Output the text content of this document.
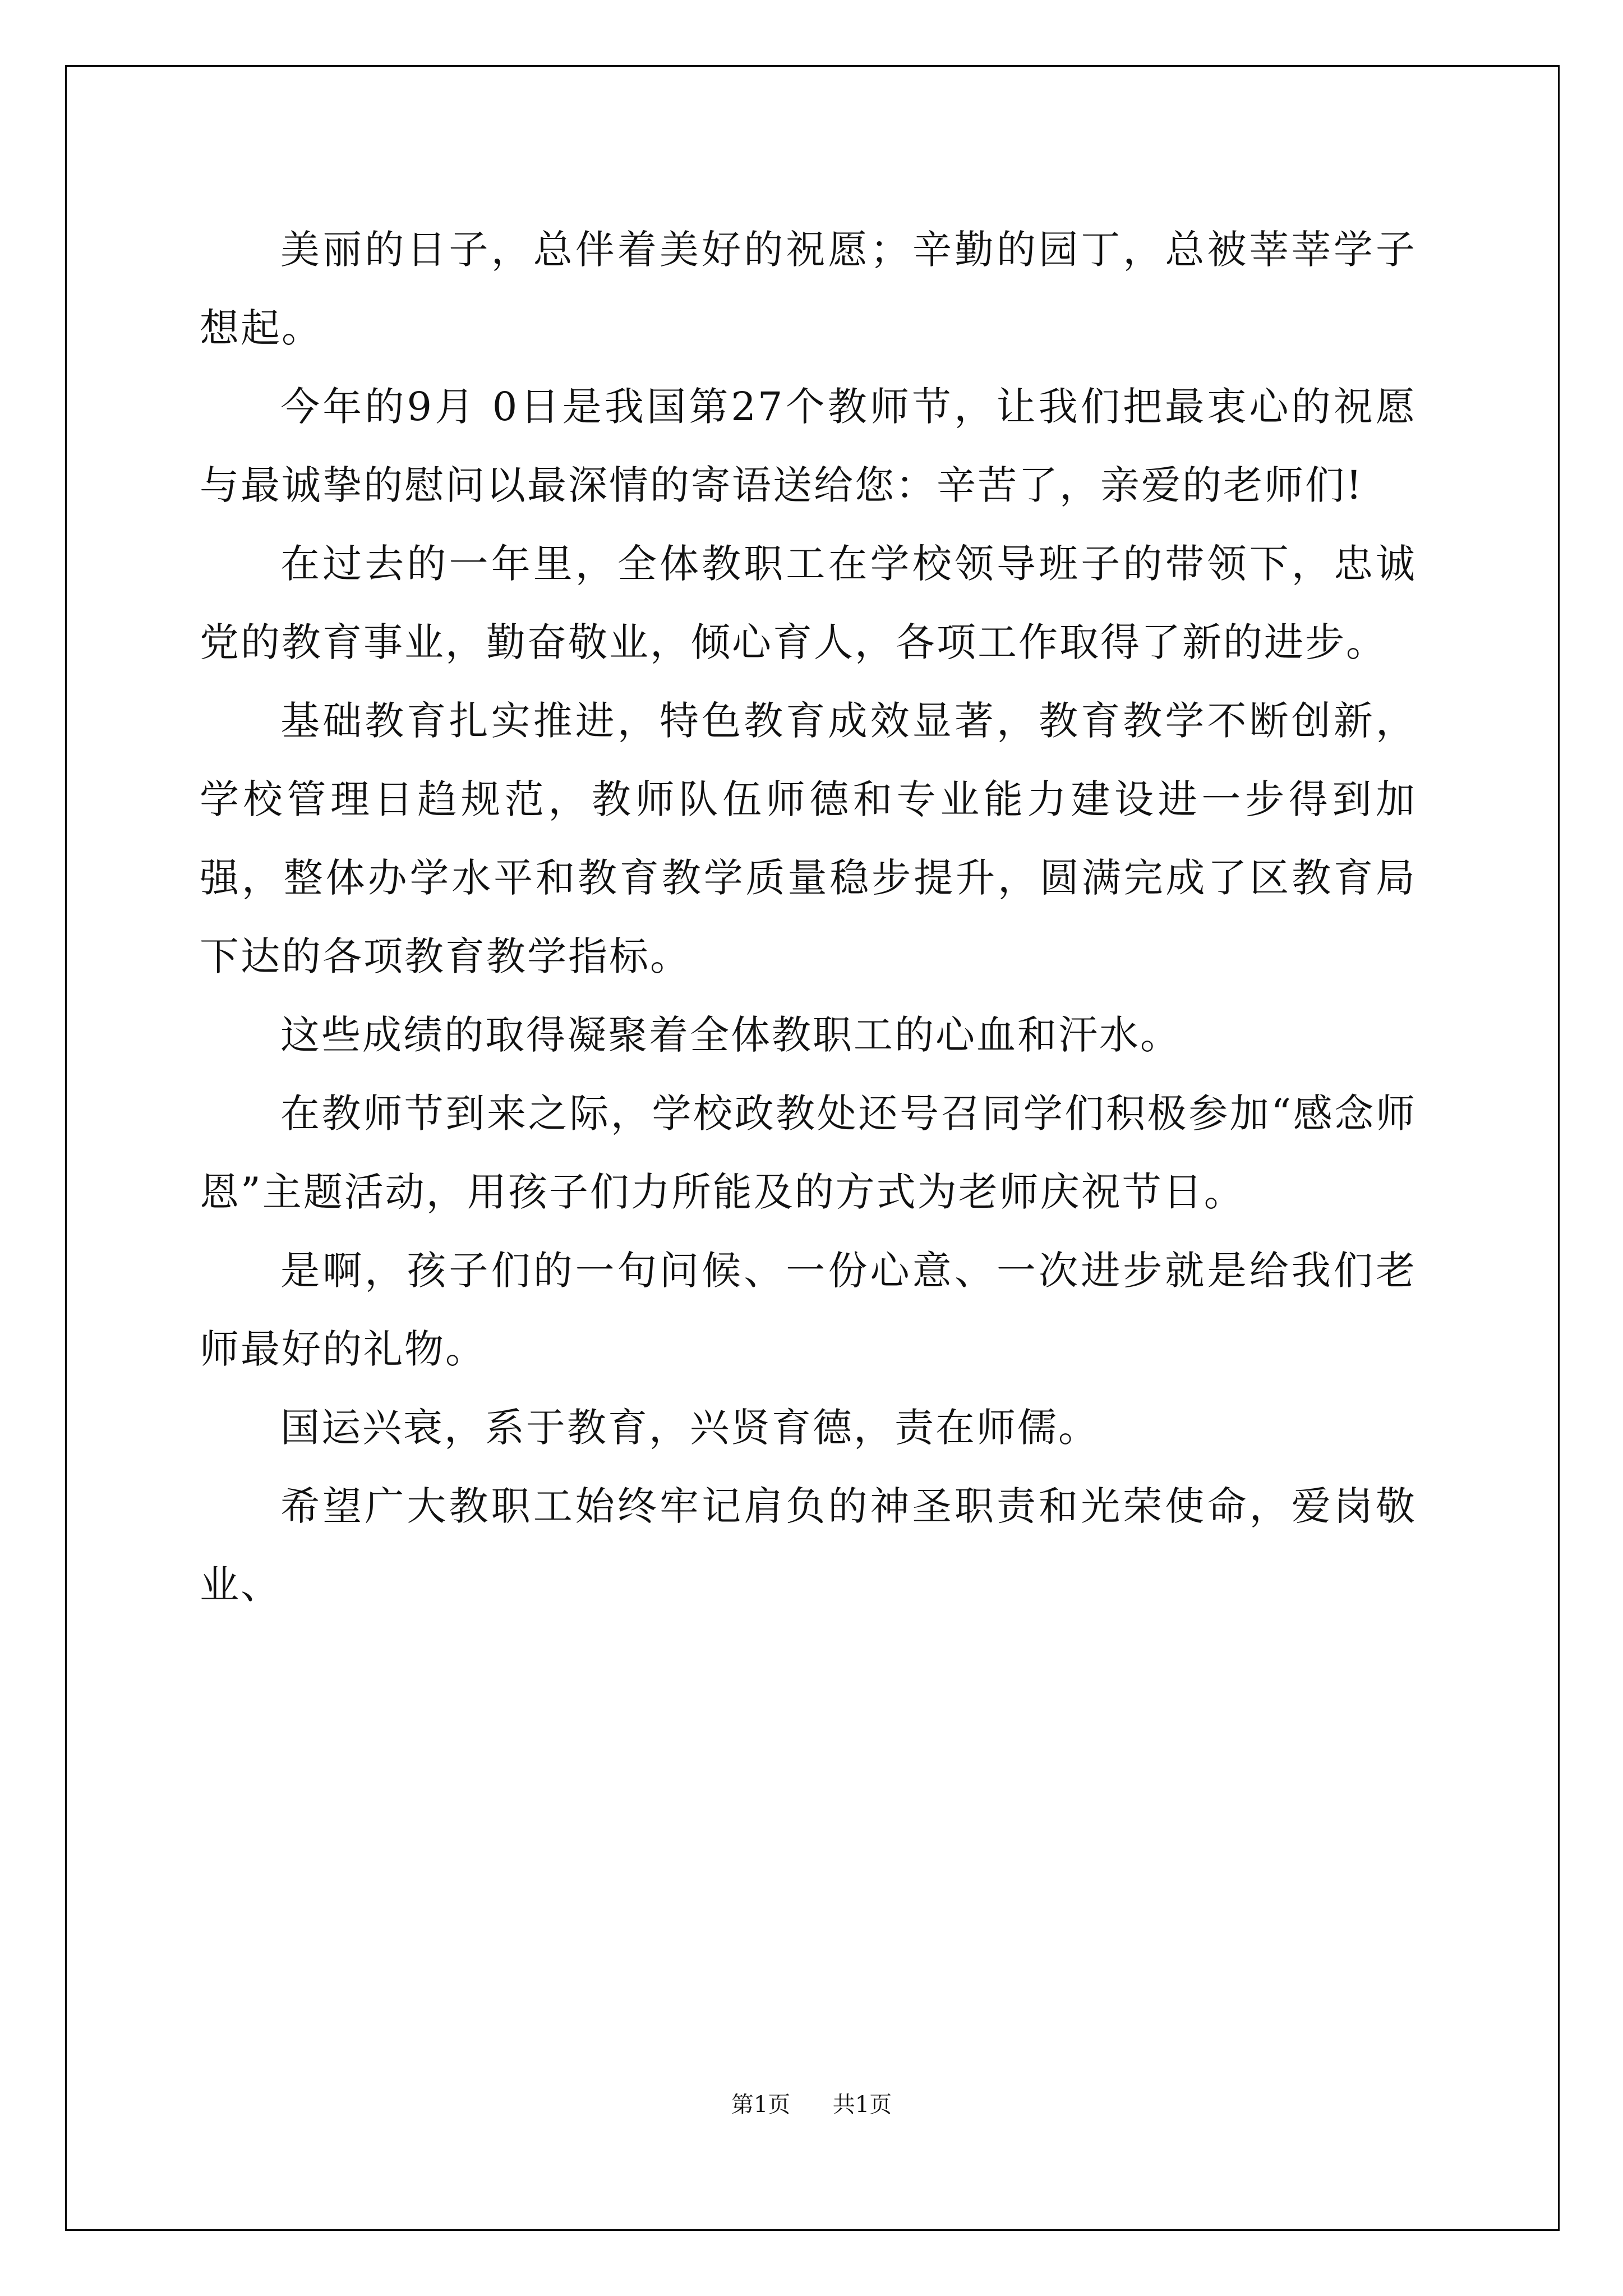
美丽的日子，总伴着美好的祝愿；辛勤的园丁，总被莘莘学子想起。

今年的9月 0日是我国第27个教师节，让我们把最衷心的祝愿与最诚挚的慰问以最深情的寄语送给您：辛苦了，亲爱的老师们!

在过去的一年里，全体教职工在学校领导班子的带领下，忠诚党的教育事业，勤奋敬业，倾心育人，各项工作取得了新的进步。

基础教育扎实推进，特色教育成效显著，教育教学不断创新，学校管理日趋规范，教师队伍师德和专业能力建设进一步得到加强，整体办学水平和教育教学质量稳步提升，圆满完成了区教育局下达的各项教育教学指标。

这些成绩的取得凝聚着全体教职工的心血和汗水。

在教师节到来之际，学校政教处还号召同学们积极参加“感念师恩”主题活动，用孩子们力所能及的方式为老师庆祝节日。

是啊，孩子们的一句问候、一份心意、一次进步就是给我们老师最好的礼物。

国运兴衰，系于教育，兴贤育德，责在师儒。

希望广大教职工始终牢记肩负的神圣职责和光荣使命，爱岗敬业、

第1页 共1页
